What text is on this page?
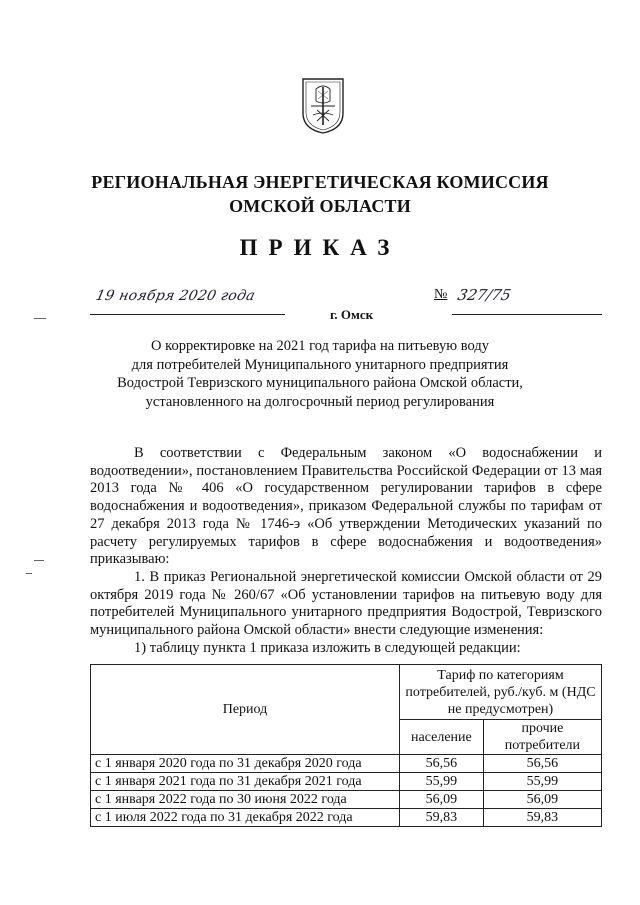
РЕГИОНАЛЬНАЯ ЭНЕРГЕТИЧЕСКАЯ КОМИССИЯ
ОМСКОЙ ОБЛАСТИ
ПРИКАЗ
19 ноября 2020 года
г. Омск
№ 327/75
О корректировке на 2021 год тарифа на питьевую воду
для потребителей Муниципального унитарного предприятия
Водострой Тевризского муниципального района Омской области,
установленного на долгосрочный период регулирования

В соответствии с Федеральным законом «О водоснабжении и водоотведении», постановлением Правительства Российской Федерации от 13 мая 2013 года № 406 «О государственном регулировании тарифов в сфере водоснабжения и водоотведения», приказом Федеральной службы по тарифам от 27 декабря 2013 года № 1746-э «Об утверждении Методических указаний по расчету регулируемых тарифов в сфере водоснабжения и водоотведения» приказываю:

1. В приказ Региональной энергетической комиссии Омской области от 29 октября 2019 года № 260/67 «Об установлении тарифов на питьевую воду для потребителей Муниципального унитарного предприятия Водострой, Тевризского муниципального района Омской области» внести следующие изменения:

1) таблицу пункта 1 приказа изложить в следующей редакции:

Период	Тариф по категориям потребителей, руб./куб. м (НДС не предусмотрен)	
	население	прочие потребители
с 1 января 2020 года по 31 декабря 2020 года	56,56	56,56
с 1 января 2021 года по 31 декабря 2021 года	55,99	55,99
с 1 января 2022 года по 30 июня 2022 года	56,09	56,09
с 1 июля 2022 года по 31 декабря 2022 года	59,83	59,83
